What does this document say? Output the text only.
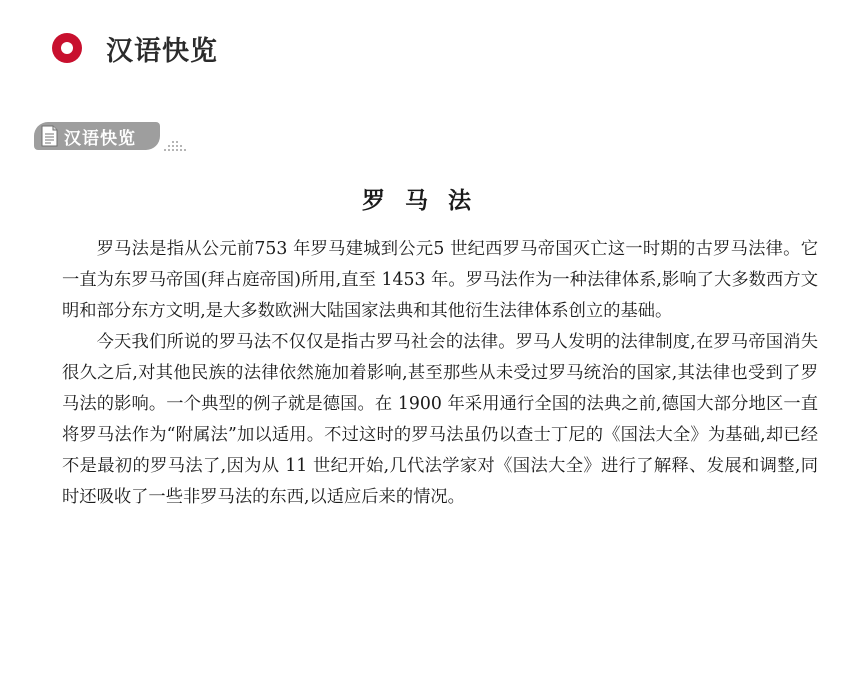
汉语快览
汉语快览
罗马法

罗马法是指从公元前753 年罗马建城到公元5 世纪西罗马帝国灭亡这一时期的古罗马法律。它一直为东罗马帝国(拜占庭帝国)所用,直至 1453 年。罗马法作为一种法律体系,影响了大多数西方文明和部分东方文明,是大多数欧洲大陆国家法典和其他衍生法律体系创立的基础。

今天我们所说的罗马法不仅仅是指古罗马社会的法律。罗马人发明的法律制度,在罗马帝国消失很久之后,对其他民族的法律依然施加着影响,甚至那些从未受过罗马统治的国家,其法律也受到了罗马法的影响。一个典型的例子就是德国。在 1900 年采用通行全国的法典之前,德国大部分地区一直将罗马法作为“附属法”加以适用。不过这时的罗马法虽仍以查士丁尼的《国法大全》为基础,却已经不是最初的罗马法了,因为从 11 世纪开始,几代法学家对《国法大全》进行了解释、发展和调整,同时还吸收了一些非罗马法的东西,以适应后来的情况。
